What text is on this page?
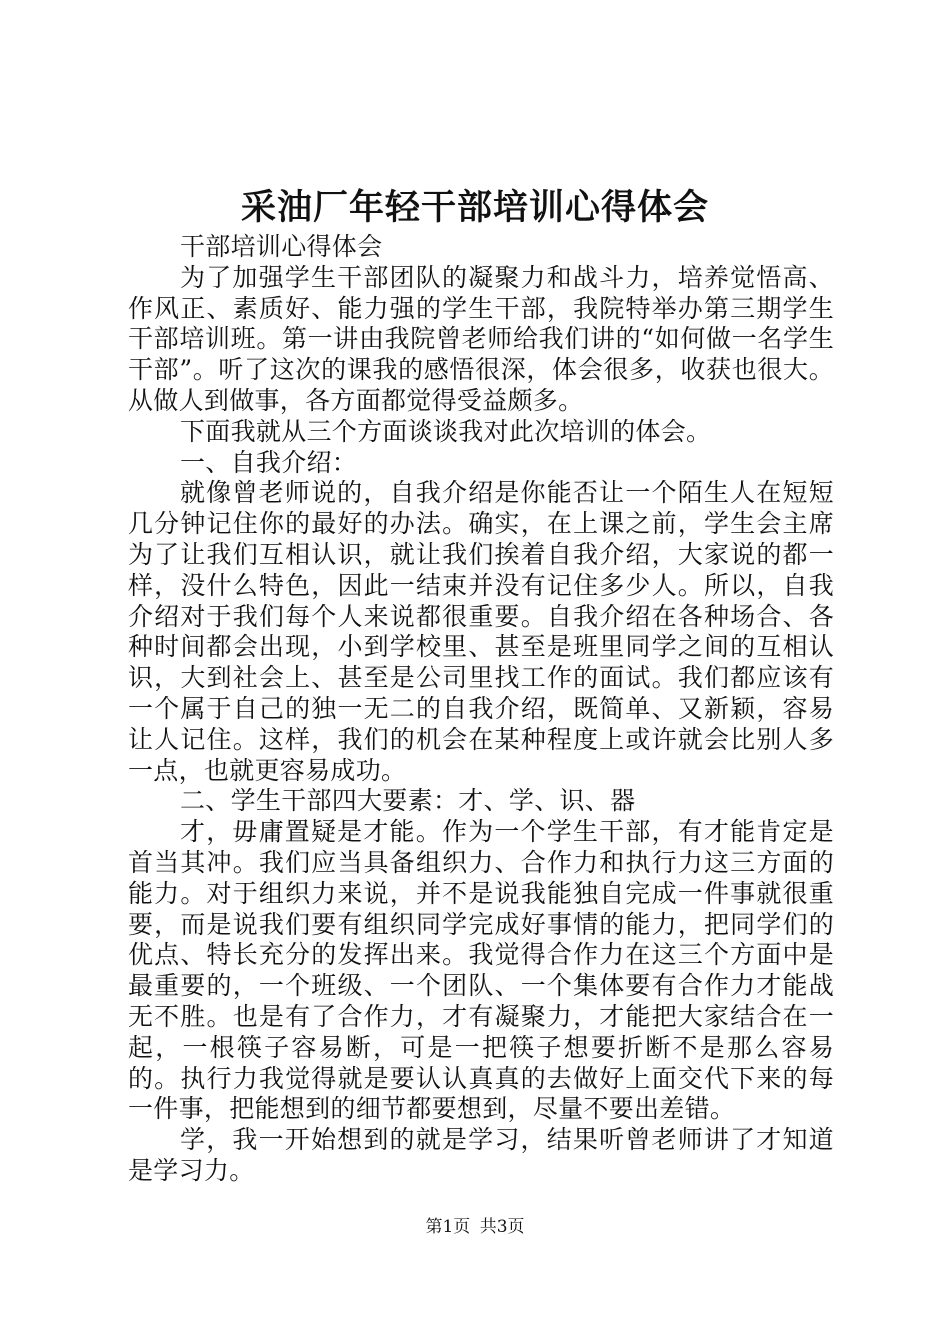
采油厂年轻干部培训心得体会

干部培训心得体会

为了加强学生干部团队的凝聚力和战斗力，培养觉悟高、作风正、素质好、能力强的学生干部，我院特举办第三期学生干部培训班。第一讲由我院曾老师给我们讲的“如何做一名学生干部”。听了这次的课我的感悟很深，体会很多，收获也很大。从做人到做事，各方面都觉得受益颇多。

下面我就从三个方面谈谈我对此次培训的体会。

一、自我介绍：

就像曾老师说的，自我介绍是你能否让一个陌生人在短短几分钟记住你的最好的办法。确实，在上课之前，学生会主席为了让我们互相认识，就让我们挨着自我介绍，大家说的都一样，没什么特色，因此一结束并没有记住多少人。所以，自我介绍对于我们每个人来说都很重要。自我介绍在各种场合、各种时间都会出现，小到学校里、甚至是班里同学之间的互相认识，大到社会上、甚至是公司里找工作的面试。我们都应该有一个属于自己的独一无二的自我介绍，既简单、又新颖，容易让人记住。这样，我们的机会在某种程度上或许就会比别人多一点，也就更容易成功。

二、学生干部四大要素：才、学、识、器

才，毋庸置疑是才能。作为一个学生干部，有才能肯定是首当其冲。我们应当具备组织力、合作力和执行力这三方面的能力。对于组织力来说，并不是说我能独自完成一件事就很重要，而是说我们要有组织同学完成好事情的能力，把同学们的优点、特长充分的发挥出来。我觉得合作力在这三个方面中是最重要的，一个班级、一个团队、一个集体要有合作力才能战无不胜。也是有了合作力，才有凝聚力，才能把大家结合在一起，一根筷子容易断，可是一把筷子想要折断不是那么容易的。执行力我觉得就是要认认真真的去做好上面交代下来的每一件事，把能想到的细节都要想到，尽量不要出差错。

学，我一开始想到的就是学习，结果听曾老师讲了才知道是学习力。

第1页 共3页
